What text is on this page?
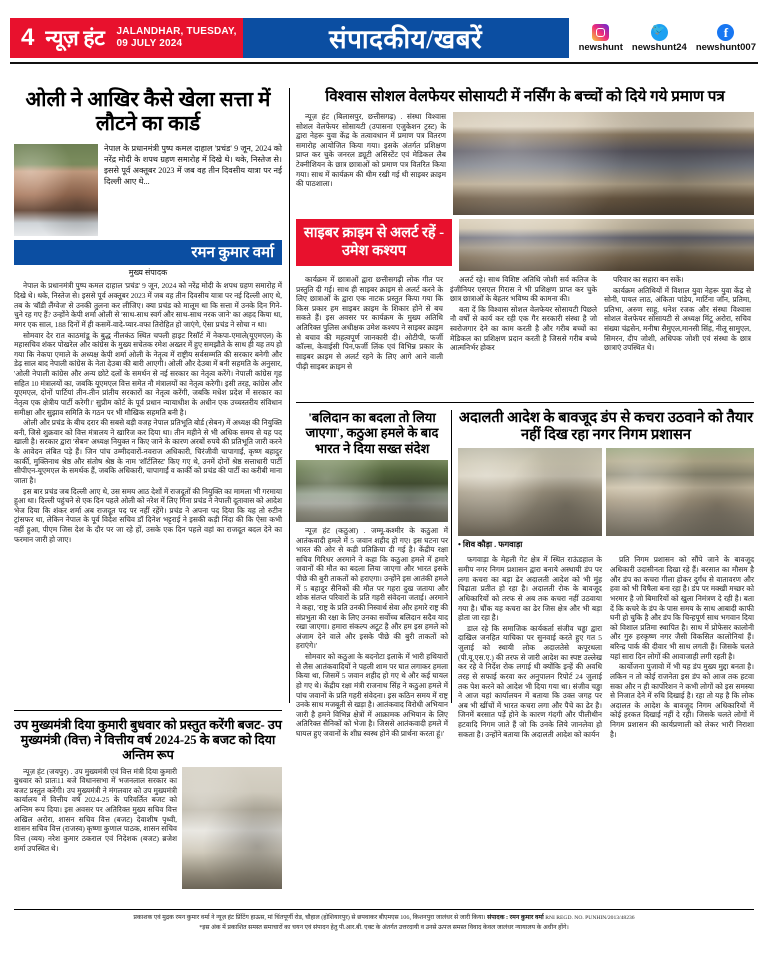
4 न्यूज़ हंट	JALANDHAR, TUESDAY,
09 JULY 2024	संपादकीय/खबरें	newshunt
🐦 newshunt24
f
newshunt007
ओली ने आखिर कैसे खेला सत्ता में लौटने का कार्ड
नेपाल के प्रधानमंत्री पुष्प कमल दाहाल 'प्रचंड' 9 जून, 2024 को नरेंद्र मोदी के शपथ ग्रहण समारोह में दिखे थे। थके, निस्तेज से। इससे पूर्व अक्तूबर 2023 में जब वह तीन दिवसीय यात्रा पर नई दिल्ली आए थे...
रमन कुमार वर्मा
मुख्य संपादक

नेपाल के प्रधानमंत्री पुष्प कमल दाहाल 'प्रचंड' 9 जून, 2024 को नरेंद्र मोदी के शपथ ग्रहण समारोह में दिखे थे। थके, निस्तेज से। इससे पूर्व अक्तूबर 2023 में जब वह तीन दिवसीय यात्रा पर नई दिल्ली आए थे, तब के 'बॉडी लैंग्वेज' से उनकी तुलना कर लीजिए। क्या प्रचंड को मालूम था कि सत्ता में उनके दिन गिने-चुने रह गए हैं? उन्होंने केपी शर्मा ओली से 'साथ-साथ स्वर्ग और साथ-साथ नरक जाने' का अहद किया था, मगर एक साल, 188 दिनों में ही कसमें-वादे-प्यार-वफा तिरोहित हो जाएंगे, ऐसा प्रचंड ने सोचा न था।

सोमवार देर रात काठमांडू के बुद्ध नीलकंठ स्थित चपली हाइट रिसॉर्ट में नेकपा-एमाले(यूएमएल) के महासचिव शंकर पोखरेल और कांग्रेस के मुख्य सचेतक रमेश अख्तर में हुए समझौते के साथ ही यह तय हो गया कि नेकपा एमाले के अध्यक्ष केपी शर्मा ओली के नेतृत्व में राष्ट्रीय सर्वसम्मति की सरकार बनेगी और डेढ़ साल बाद नेपाली कांग्रेस के नेता देउबा की बारी आएगी। ओली और देउबा में बनी सहमति के अनुसार, 'ओली नेपाली कांग्रेस और अन्य छोटे दलों के समर्थन से नई सरकार का नेतृत्व करेंगे। नेपाली कांग्रेस गृह सहित 10 मंत्रालयों का, जबकि यूएमएल वित्त समेत नौ मंत्रालयों का नेतृत्व करेगी। इसी तरह, कांग्रेस और यूएमएल, दोनों पार्टियां तीन-तीन प्रांतीय सरकारों का नेतृत्व करेंगी, जबकि मधेश प्रदेश में सरकार का नेतृत्व एक क्षेत्रीय पार्टी करेगी।' सुप्रीम कोर्ट के पूर्व प्रधान न्यायाधीश के अधीन एक उच्चस्तरीय संविधान समीक्षा और सुझाव समिति के गठन पर भी मौखिक सहमति बनी है।

ओली और प्रचंड के बीच दरार की सबसे बड़ी वजह नेपाल प्रतिभूति बोर्ड (सेबन) में अध्यक्ष की नियुक्ति बनी, जिसे शुक्रवार को वित्त मंत्रालय ने खारिज कर दिया था। तीन महीने से भी अधिक समय से यह पद खाली है। सरकार द्वारा 'सेबन' अध्यक्ष नियुक्त न किए जाने के कारण अरबों रुपये की प्रतिभूति जारी करने के आवेदन लंबित पड़े हैं। जिन पांच उम्मीदवारों-नवराज अधिकारी, चिरंजीवी चापागाईं, कृष्ण बहादुर कार्की, मुक्तिनाथ श्रेष्ठ और संतोष श्रेष्ठ के नाम 'शॉर्टलिस्ट' किए गए थे, उनमें दोनों श्रेष्ठ सत्ताधारी पार्टी सीपीएन-यूएमएल के समर्थक हैं, जबकि अधिकारी, चापागाईं व कार्की को प्रचंड की पार्टी का करीबी माना जाता है।

इस बार प्रचंड जब दिल्ली आए थे, उस समय आठ देशों में राजदूतों की नियुक्ति का मामला भी गरमाया हुआ था। दिल्ली पहुंचने से एक दिन पहले ओली को नरेश में लिए गिना प्रचंड ने नेपाली दूतावास को आदेश भेज दिया कि शंकर शर्मा अब राजदूत पद पर नहीं रहेंगे। प्रचंड ने अपना पद दिया कि यह तो रुटीन ट्रांसफर था, लेकिन नेपाल के पूर्व विदेश सचिव डॉ दिनेश भट्टराई ने इसकी कड़ी निंदा की कि ऐसा कभी नहीं हुआ, पीएम जिस देश के दौर पर जा रहे हों, उसके एक दिन पहले वहां का राजदूत बदल देने का फरमान जारी हो जाए।

विश्वास सोशल वेलफेयर सोसायटी में नर्सिंग के बच्चों को दिये गये प्रमाण पत्र

न्यूज़ हंट (बिलासपुर, छत्तीसगढ़) . संस्था विश्वास सोशल वेलफेयर सोसायटी (उपासना एजुकेशन ट्रस्ट) के द्वारा नेहरू युवा केंद्र के तत्वावधान में प्रमाण पत्र वितरण समारोह आयोजित किया गया। इसके अंतर्गत प्रशिक्षण प्राप्त कर चुके जनरल ड्यूटी असिस्टेंट एवं मेडिकल लैब टेक्नीशियन के छात्र छात्राओं को प्रमाण पत्र वितरित किया गया। साथ में कार्यक्रम की थीम रखी गई थी साइबर क्राइम की पाठशाला।

साइबर क्राइम से अलर्ट रहें - उमेश कश्यप

कार्यक्रम में छात्राओं द्वारा छत्तीसगढ़ी लोक गीत पर प्रस्तुति दी गई। साथ ही साइबर क्राइम से अलर्ट करने के लिए छात्राओं के द्वारा एक नाटक प्रस्तुत किया गया कि किस प्रकार हम साइबर क्राइम के शिकार होने से बच सकते हैं। इस अवसर पर कार्यक्रम के मुख्य अतिथि अतिरिक्त पुलिस अधीक्षक उमेश कश्यप ने साइबर क्राइम से बचाव की महत्वपूर्ण जानकारी दी। ओटीपी, फर्जी कॉल्स, केवाईसी पिन,फर्जी लिंक एवं विभिन्न प्रकार के साइबर क्राइम से अलर्ट रहने के लिए आगे आने वाली पीढ़ी साइबर क्राइम से

अलर्ट रहे। साथ विशिष्ट अतिथि जोशी सर्व कतिज के इंजीनियर एसएल गिरास ने भी प्रशिक्षण प्राप्त कर चुके छात्र छात्राओं के बेहतर भविष्य की कामना की।

बता दें कि विश्वास सोशल वेलफेयर सोसायटी पिछले नौ वर्षों से कार्य कर रही एक गैर सरकारी संस्था है जो स्वरोजगार देने का काम करती है और गरीब बच्चों का मेडिकल का प्रशिक्षण प्रदान करती है जिससे गरीब बच्चे आत्मनिर्भर होकर

परिवार का सहारा बन सकें।

कार्यक्रम अतिथियों में विशाल युवा नेहरू युवा केंद्र से सोनी, पायल लाठ, अंकिता पांडेय, मार्टिना जॉन, प्रतिमा, प्रतिभा, अरुण साहू, धनेश रजक और संस्था विश्वास सोशल वेलफेयर सोसायटी से अध्यक्ष मिंटू अरोरा, सचिव संख्या चंद्रसेन, मनीषा सैमुएल,मानसी सिंह, नीलू सामुएल, सिमरन, दीप जोशी, अधिपक जोशी एवं संस्था के छात्र छात्राएं उपस्थित थे।

'बलिदान का बदला तो लिया जाएगा', कठुआ हमले के बाद भारत ने दिया सख्त संदेश

न्यूज़ हंट (कठुआ) . जम्मू-कश्मीर के कठुआ में आतंकवादी हमले में 5 जवान शहीद हो गए। इस घटना पर भारत की ओर से कड़ी प्रतिक्रिया दी गई है। केंद्रीय रक्षा सचिव गिरिधर अरमाने ने कहा कि कठुआ हमले में हमारे जवानों की मौत का बदला लिया जाएगा और भारत इसके पीछे की बुरी ताकतों को हराएगा। उन्होंने इस आतंकी हमले में 5 बहादुर सैनिकों की मौत पर गहरा दुख जताया और शोक संतप्त परिवारों के प्रति गहरी संवेदना जताई। अरमाने ने कहा, 'राष्ट्र के प्रति उनकी निस्वार्थ सेवा और हमारे राष्ट्र की संप्रभुता की रक्षा के लिए उनका सर्वोच्च बलिदान सदैव याद रखा जाएगा। हमारा संकल्प अटूट है और हम इस हमले को अंजाम देने वाले और इसके पीछे की बुरी ताकतों को हराएंगे।'

सोमवार को कठुआ के बदनोटा इलाके में भारी हथियारों से लैस आतंकवादियों ने पहली शाम पर घात लगाकर हमला किया था, जिसमें 5 जवान शहीद हो गए थे और कई घायल हो गए थे। केंद्रीय रक्षा मंत्री राजनाथ सिंह ने कठुआ हमले में पांच जवानों के प्रति गहरी संवेदना। इस कठिन समय में राष्ट्र उनके साथ मजबूती से खड़ा है। आतंकवाद विरोधी अभियान जारी है हमने विभिन्न क्षेत्रों में आक्रामक अभियान के लिए अतिरिक्त सैनिकों को भेजा है। जिससे आतंकवादी हमले में घायल हुए जवानों के शीघ्र स्वस्थ होने की प्रार्थना करता हूं।'

अदालती आदेश के बावजूद डंप से कचरा उठवाने को तैयार नहीं दिख रहा नगर निगम प्रशासन
• शिव कौड़ा . फगवाड़ा

फगवाड़ा के मेहली गेट क्षेत्र में स्थित राऊंडहाल के समीप नगर निगम प्रशासन द्वारा बनाये अस्थायी डंप पर लगा कचरा का बड़ा ढेर अदालती आदेश को भी मुंह चिढ़ाता प्रतीत हो रहा है। अदालती रोक के बावजूद अधिकारियों को तरफ से अब तक कचरा नहीं उठवाया गया है। चौंक यह कचरा का ढेर जिस क्षेत्र और भी बड़ा होता जा रहा है।

डाल रहे कि समाजिक कार्यकर्ता संजीव चड्ढा द्वारा दाखिल जनहित याचिका पर सुनवाई करते हुए गत 5 जुलाई को स्थायी लोक अदालतेसे कपूरथला (पी.यू.एस.ए.) की तरफ से जारी आदेश का स्पष्ट उल्लेख कर रहे वे निर्देश रोक लगाई थी क्योंकि इन्हें की अवधि तरह से सफाई करवा कर अनुपालन रिपोर्ट 24 जुलाई तक पेश करने को आदेश भी दिया गया था। संजीव चड्ढा ने आज यहां कार्यालयन में बताया कि उक्त जगह पर अब भी खींचों में भारत कचरा लगा और पैचे का ढेर है। जिनमें बरसात पर्ड़े होने के कारण गंदगी और पीलीथीन हटवादि निगम जाते हैं जो कि उनके लिये जानलेवा हो सकता है। उन्होंने बताया कि अदालती आदेश को कार्यन

प्रति निगम प्रशासन को सौंपे जाने के बावजूद अधिकारी उदासीनता दिखा रहे हैं। बरसात का मौसम है और डंप का कचरा गीला होकर दुर्गंध से वातावरण और हवा को भी विषैला बना रहा है। डंप पर मक्खी मच्छर को भरमार है जो बिमारियों को खुला निमंत्रण दे रही है। बता दें कि कचरे के डंप के पास समय के साथ आबादी काफी घनी हो चुकि है और डंप कि चिन्हपूर्ण साथ भगवान दिया को विशाल प्रतिमा स्थापित है। साथ में प्रोफेसर कालोनी और गुरु हरकृष्ण नगर जैसी विकसित कालोनियां हैं। बरिन्द्र पार्क की दीवार भी साथ लगती हैं। जिसके चलते यहां सारा दिन लोगों की आवाजाही लगी रहती है।

कार्योजना पुजावो में भी यह डंप मुख्य मुद्दा बनता है। लकिन न तो कोई राजनेता इस डंप को आज तक हटवा सका और न ही कार्पोरेशन ने कभी लोगों को इस समस्या से निजात देने में रुचि दिखाई है। रहा तो यह है कि लोक अदालत के आदेश के बावजूद निगम अधिकारियों में कोई हरकत दिखाई नहीं दे रही। जिसके चलते लोगों में निगम प्रशासन की कार्यप्रणाली को लेकर भारी निराशा है।

उप मुख्यमंत्री दिया कुमारी बुधवार को प्रस्तुत करेंगी बजट- उप मुख्यमंत्री (वित्त) ने वित्तीय वर्ष 2024-25 के बजट को दिया अन्तिम रूप

न्यूज़ हंट (जयपुर) . उप मुख्यमंत्री एवं वित्त मंत्री दिया कुमारी बुधवार को प्रातः11 बजे विधानसभा में भजनलाल सरकार का बजट प्रस्तुत करेंगी। उप मुख्यमंत्री ने मंगलवार को उप मुख्यमंत्री कार्यालय में वित्तीय वर्ष 2024-25 के परिवर्तित बजट को अन्तिम रूप दिया। इस अवसर पर अतिरिक्त मुख्य सचिव वित्त अखिल अरोरा, शासन सचिव वित्त (बजट) देवाशीष पृथ्वी, शासन सचिव वित्त (राजस्व) कृष्णा कुणाल पाठक, शासन सचिव वित्त (व्यय) नरेश कुमार ठकराल एवं निदेशक (बजट) ब्रजेश शर्मा उपस्थित थे।

प्रकाशक एवं मुद्रक रमन कुमार वर्मा ने न्यूज़ हंट प्रिंटिंग हाऊस, मां चिंतपूर्णी रोड, चौहाल (होशियारपुर) से छपवाकर बीएमएस 106, किशनपुरा जालंधर से जारी किया। संपादक : रमन कुमार वर्मा RNI REGD. NO. PUNHIN/2013/48236
*इस अंक में प्रकाशित समस्त समाचारों का चयन एवं संपादन हेतु पी.आर.बी. एक्ट के अंतर्गत उत्तरदायी व उनसे ऊपज समस्त विवाद केवल जालंधर न्यायालय के अधीन होंगे।
